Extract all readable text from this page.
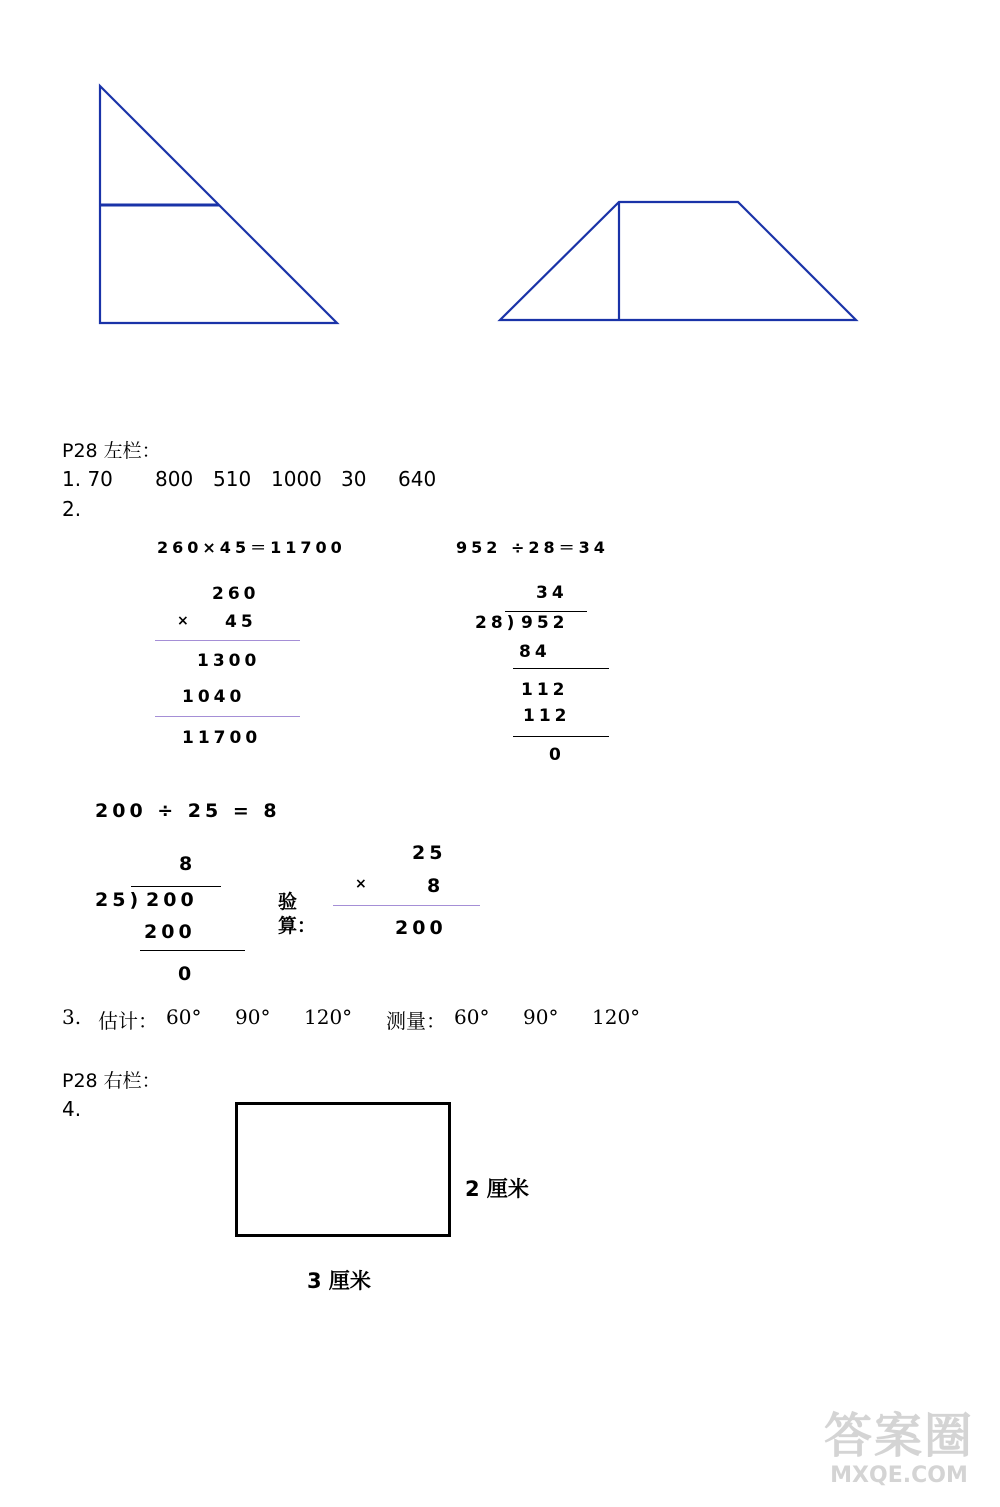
P28 左栏：
1. 70 800 510 1000 30 640
2.
260×45＝11700	952 ÷28＝34
260
× 45
1300
1040
11700
34
28) 952
84
112
112
0
200 ÷ 25 = 8
8
25) 200
200
0
验
算：
25
×	8
200
3. 估计： 60° 90° 120° 测量： 60° 90° 120°
P28 右栏：
4.
2 厘米
3 厘米
答案圈
MXQE.COM
